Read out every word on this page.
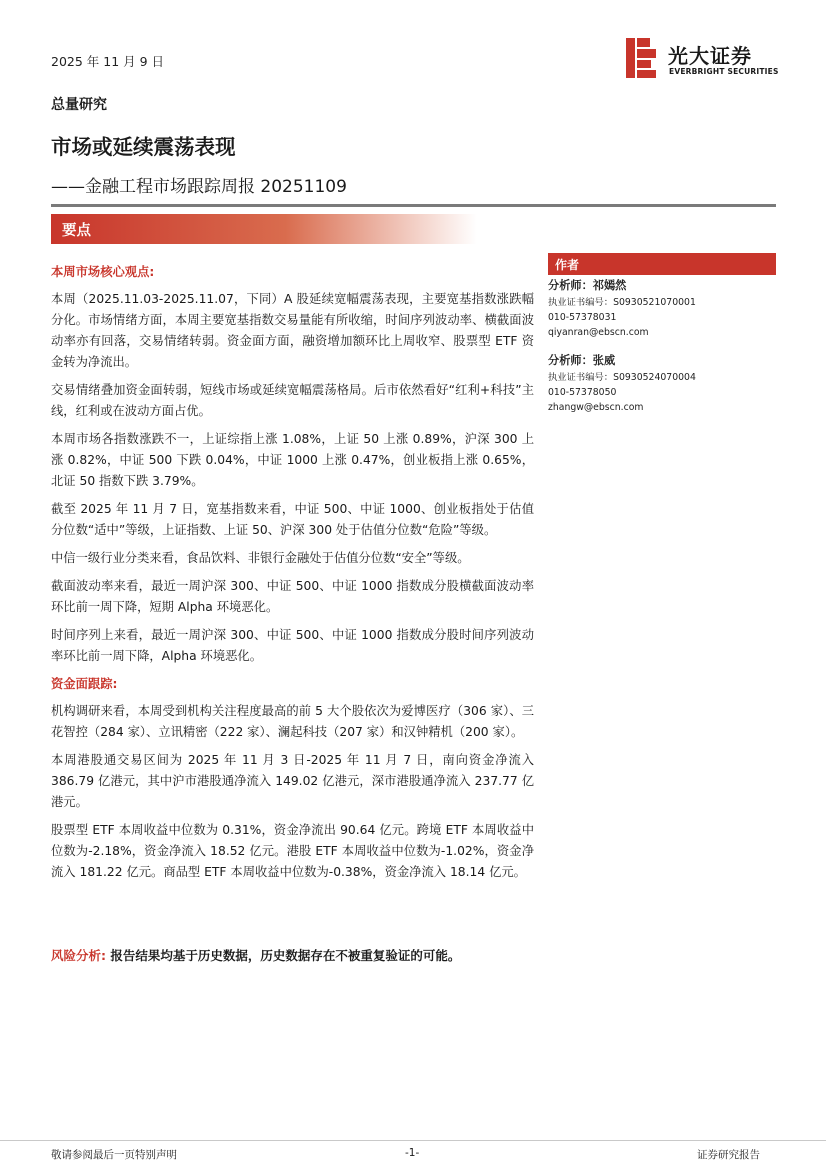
2025 年 11 月 9 日	光大证券
EVERBRIGHT SECURITIES
总量研究
市场或延续震荡表现
——金融工程市场跟踪周报 20251109
要点

本周市场核心观点:

本周（2025.11.03-2025.11.07，下同）A 股延续宽幅震荡表现，主要宽基指数涨跌幅分化。市场情绪方面，本周主要宽基指数交易量能有所收缩，时间序列波动率、横截面波动率亦有回落，交易情绪转弱。资金面方面，融资增加额环比上周收窄、股票型 ETF 资金转为净流出。

交易情绪叠加资金面转弱，短线市场或延续宽幅震荡格局。后市依然看好“红利+科技”主线，红利或在波动方面占优。

本周市场各指数涨跌不一，上证综指上涨 1.08%，上证 50 上涨 0.89%，沪深 300 上涨 0.82%，中证 500 下跌 0.04%，中证 1000 上涨 0.47%，创业板指上涨 0.65%，北证 50 指数下跌 3.79%。

截至 2025 年 11 月 7 日，宽基指数来看，中证 500、中证 1000、创业板指处于估值分位数“适中”等级，上证指数、上证 50、沪深 300 处于估值分位数“危险”等级。

中信一级行业分类来看，食品饮料、非银行金融处于估值分位数“安全”等级。

截面波动率来看，最近一周沪深 300、中证 500、中证 1000 指数成分股横截面波动率环比前一周下降，短期 Alpha 环境恶化。

时间序列上来看，最近一周沪深 300、中证 500、中证 1000 指数成分股时间序列波动率环比前一周下降，Alpha 环境恶化。

资金面跟踪:

机构调研来看，本周受到机构关注程度最高的前 5 大个股依次为爱博医疗（306 家）、三花智控（284 家）、立讯精密（222 家）、澜起科技（207 家）和汉钟精机（200 家）。

本周港股通交易区间为 2025 年 11 月 3 日-2025 年 11 月 7 日，南向资金净流入 386.79 亿港元，其中沪市港股通净流入 149.02 亿港元，深市港股通净流入 237.77 亿港元。

股票型 ETF 本周收益中位数为 0.31%，资金净流出 90.64 亿元。跨境 ETF 本周收益中位数为-2.18%，资金净流入 18.52 亿元。港股 ETF 本周收益中位数为-1.02%，资金净流入 181.22 亿元。商品型 ETF 本周收益中位数为-0.38%，资金净流入 18.14 亿元。

风险分析: 报告结果均基于历史数据，历史数据存在不被重复验证的可能。
作者
分析师：祁嫣然
执业证书编号：S0930521070001
010-57378031
qiyanran@ebscn.com
分析师：张威
执业证书编号：S0930524070004
010-57378050
zhangw@ebscn.com
敬请参阅最后一页特别声明	-1-	证券研究报告
